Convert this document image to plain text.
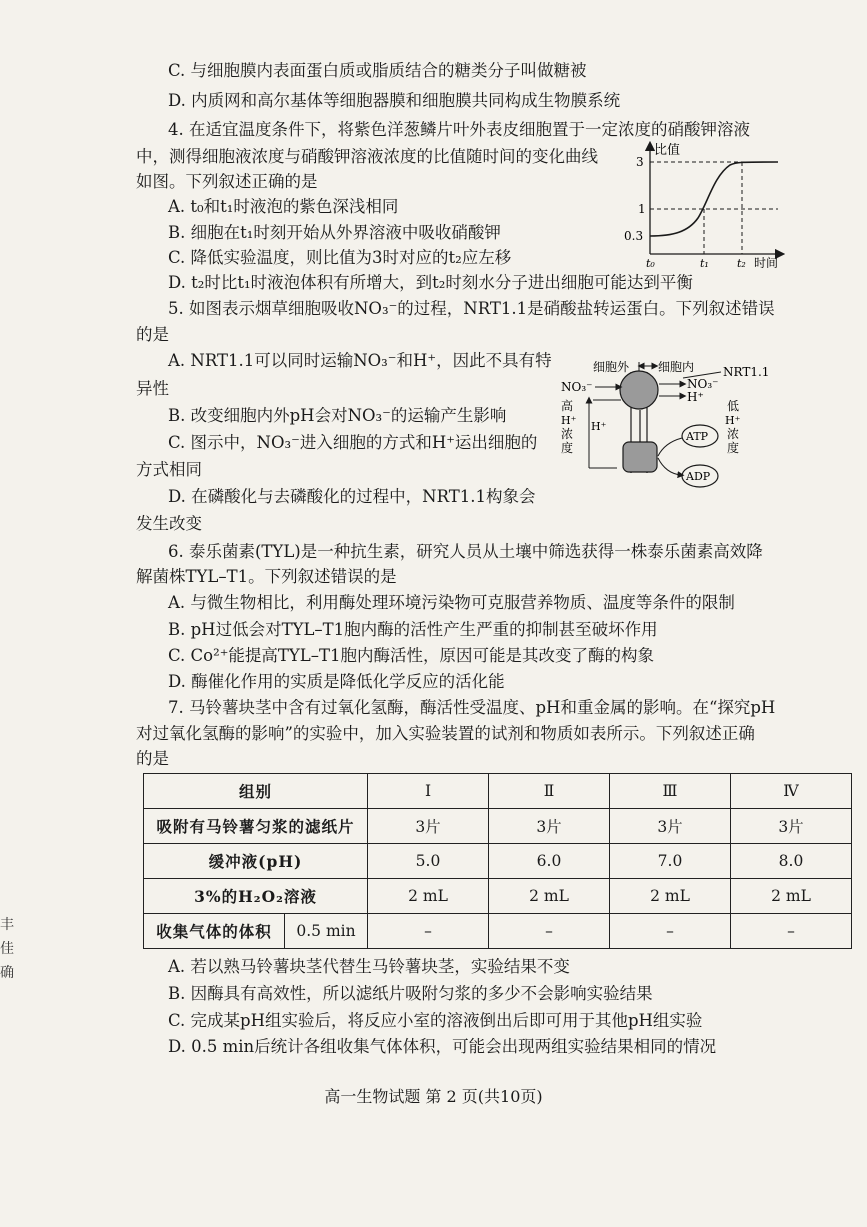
C. 与细胞膜内表面蛋白质或脂质结合的糖类分子叫做糖被
D. 内质网和高尔基体等细胞器膜和细胞膜共同构成生物膜系统
4. 在适宜温度条件下，将紫色洋葱鳞片叶外表皮细胞置于一定浓度的硝酸钾溶液
中，测得细胞液浓度与硝酸钾溶液浓度的比值随时间的变化曲线
如图。下列叙述正确的是
A. t₀和t₁时液泡的紫色深浅相同
B. 细胞在t₁时刻开始从外界溶液中吸收硝酸钾
C. 降低实验温度，则比值为3时对应的t₂应左移
D. t₂时比t₁时液泡体积有所增大，到t₂时刻水分子进出细胞可能达到平衡
5. 如图表示烟草细胞吸收NO₃⁻的过程，NRT1.1是硝酸盐转运蛋白。下列叙述错误
的是
A. NRT1.1可以同时运输NO₃⁻和H⁺，因此不具有特
异性
B. 改变细胞内外pH会对NO₃⁻的运输产生影响
C. 图示中，NO₃⁻进入细胞的方式和H⁺运出细胞的
方式相同
D. 在磷酸化与去磷酸化的过程中，NRT1.1构象会
发生改变
6. 泰乐菌素(TYL)是一种抗生素，研究人员从土壤中筛选获得一株泰乐菌素高效降
解菌株TYL–T1。下列叙述错误的是
A. 与微生物相比，利用酶处理环境污染物可克服营养物质、温度等条件的限制
B. pH过低会对TYL–T1胞内酶的活性产生严重的抑制甚至破坏作用
C. Co²⁺能提高TYL–T1胞内酶活性，原因可能是其改变了酶的构象
D. 酶催化作用的实质是降低化学反应的活化能
7. 马铃薯块茎中含有过氧化氢酶，酶活性受温度、pH和重金属的影响。在“探究pH
对过氧化氢酶的影响”的实验中，加入实验装置的试剂和物质如表所示。下列叙述正确
的是
A. 若以熟马铃薯块茎代替生马铃薯块茎，实验结果不变
B. 因酶具有高效性，所以滤纸片吸附匀浆的多少不会影响实验结果
C. 完成某pH组实验后，将反应小室的溶液倒出后即可用于其他pH组实验
D. 0.5 min后统计各组收集气体体积，可能会出现两组实验结果相同的情况
比值
3
1
0.3
t₀	t₁	t₂ 时间
细胞外 细胞内 NRT1.1
NO₃⁻	NO₃⁻
H⁺
高
H⁺
浓
度
低
H⁺
浓
度
H⁺
ATP
ADP
组别		Ⅰ	Ⅱ	Ⅲ	Ⅳ
吸附有马铃薯匀浆的滤纸片		3片	3片	3片	3片
缓冲液(pH)		5.0	6.0	7.0	8.0
3%的H₂O₂溶液		2 mL	2 mL	2 mL	2 mL
收集气体的体积	0.5 min	–	–	–	–
丰
佳
确
高一生物试题 第 2 页(共10页)
